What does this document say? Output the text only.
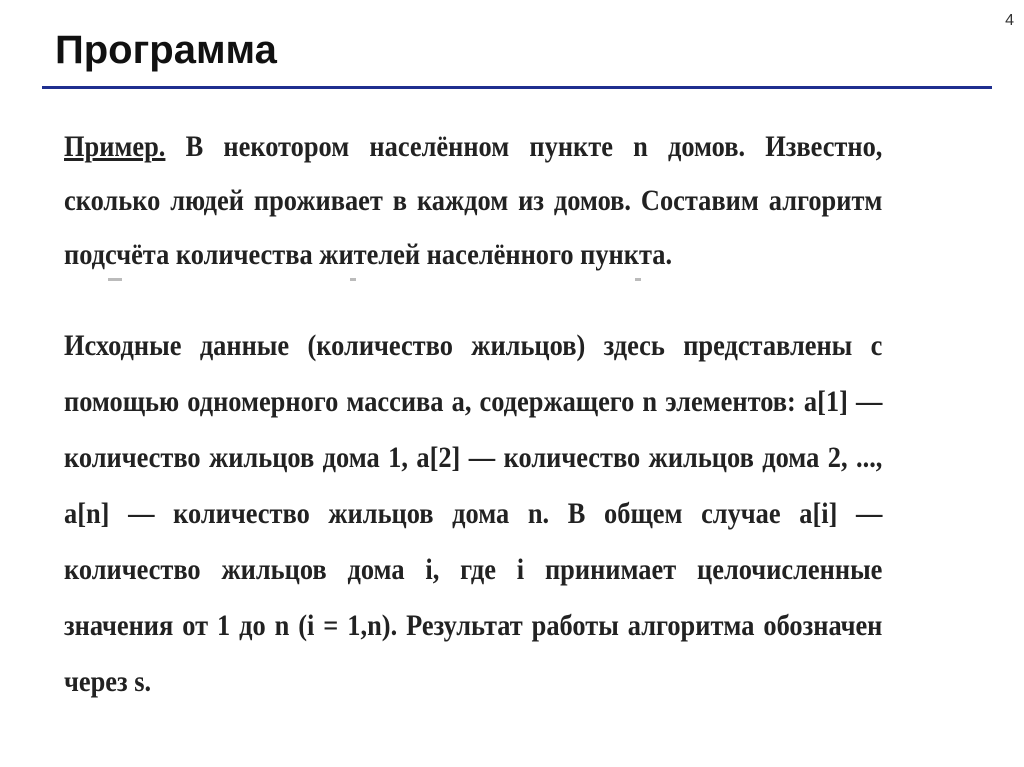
4
Программа
Пример. В некотором населённом пункте n домов. Известно, сколько людей проживает в каждом из домов. Составим алгоритм подсчёта количества жителей населённого пункта.
Исходные данные (количество жильцов) здесь представлены с помощью одномерного массива a, содержащего n элементов: a[1] — количество жильцов дома 1, a[2] — количество жильцов дома 2, ..., a[n] — количество жильцов дома n. В общем случае a[i] — количество жильцов дома i, где i принимает целочисленные значения от 1 до n (i = 1,n). Результат работы алгоритма обозначен через s.
